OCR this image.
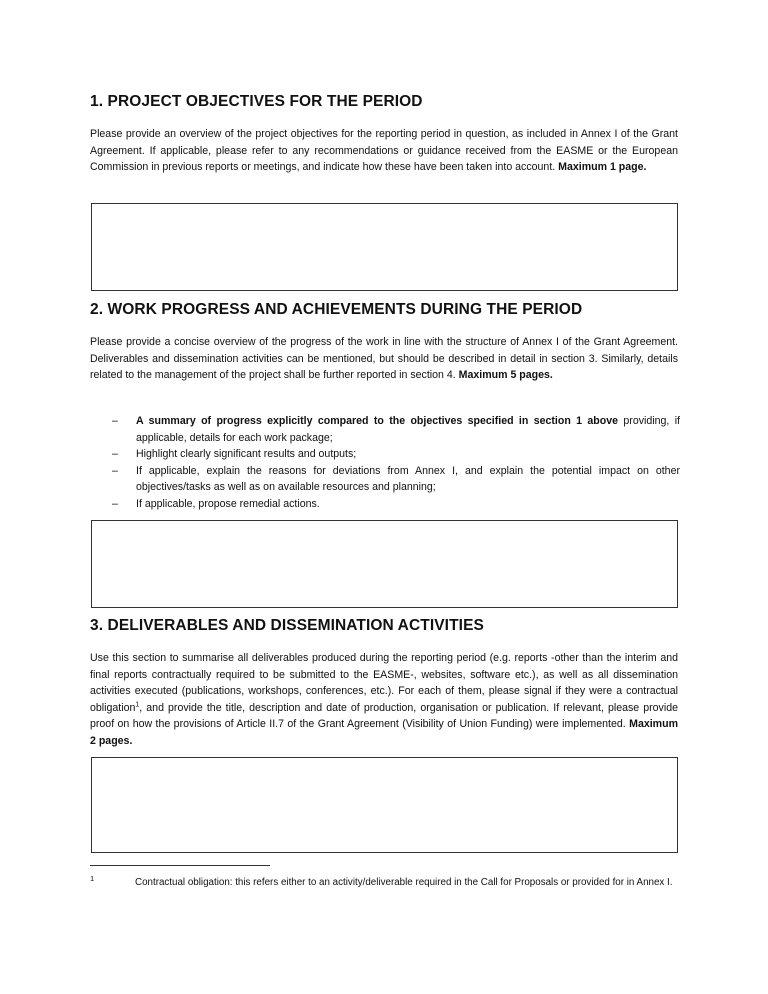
1. PROJECT OBJECTIVES FOR THE PERIOD

Please provide an overview of the project objectives for the reporting period in question, as included in Annex I of the Grant Agreement. If applicable, please refer to any recommendations or guidance received from the EASME or the European Commission in previous reports or meetings, and indicate how these have been taken into account. Maximum 1 page.

2. WORK PROGRESS AND ACHIEVEMENTS DURING THE PERIOD

Please provide a concise overview of the progress of the work in line with the structure of Annex I of the Grant Agreement. Deliverables and dissemination activities can be mentioned, but should be described in detail in section 3. Similarly, details related to the management of the project shall be further reported in section 4. Maximum 5 pages.

– A summary of progress explicitly compared to the objectives specified in section 1 above providing, if applicable, details for each work package;
– Highlight clearly significant results and outputs;
– If applicable, explain the reasons for deviations from Annex I, and explain the potential impact on other objectives/tasks as well as on available resources and planning;
– If applicable, propose remedial actions.
3. DELIVERABLES AND DISSEMINATION ACTIVITIES

Use this section to summarise all deliverables produced during the reporting period (e.g. reports -other than the interim and final reports contractually required to be submitted to the EASME-, websites, software etc.), as well as all dissemination activities executed (publications, workshops, conferences, etc.). For each of them, please signal if they were a contractual obligation$^1$, and provide the title, description and date of production, organisation or publication. If relevant, please provide proof on how the provisions of Article II.7 of the Grant Agreement (Visibility of Union Funding) were implemented. Maximum 2 pages.

1	Contractual obligation: this refers either to an activity/deliverable required in the Call for Proposals or provided for in Annex I.
